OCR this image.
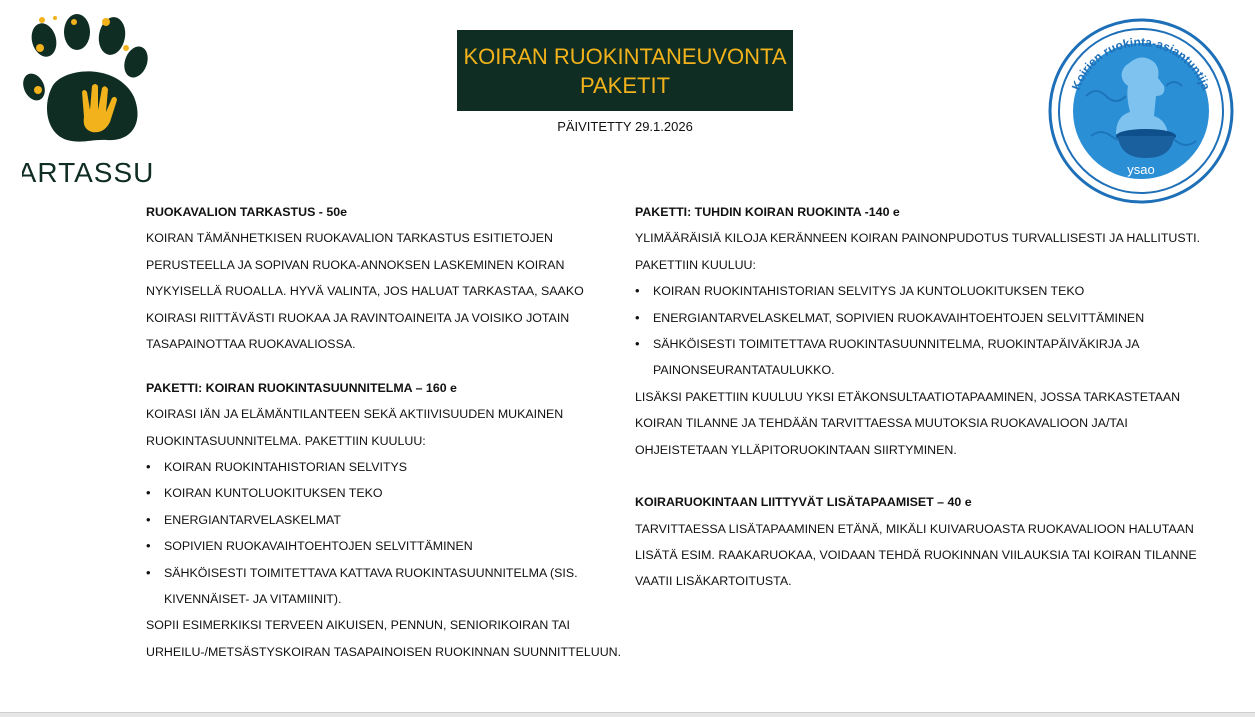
ARTASSU
KOIRAN RUOKINTANEUVONTA
PAKETIT
PÄIVITETTY 29.1.2026
ysao
Koirien ruokinta-asiantuntija
RUOKAVALION TARKASTUS - 50e
KOIRAN TÄMÄNHETKISEN RUOKAVALION TARKASTUS ESITIETOJEN
PERUSTEELLA JA SOPIVAN RUOKA-ANNOKSEN LASKEMINEN KOIRAN
NYKYISELLÄ RUOALLA. HYVÄ VALINTA, JOS HALUAT TARKASTAA, SAAKO
KOIRASI RIITTÄVÄSTI RUOKAA JA RAVINTOAINEITA JA VOISIKO JOTAIN
TASAPAINOTTAA RUOKAVALIOSSA.
PAKETTI: KOIRAN RUOKINTASUUNNITELMA – 160 e
KOIRASI IÄN JA ELÄMÄNTILANTEEN SEKÄ AKTIIVISUUDEN MUKAINEN
RUOKINTASUUNNITELMA. PAKETTIIN KUULUU:
• KOIRAN RUOKINTAHISTORIAN SELVITYS
• KOIRAN KUNTOLUOKITUKSEN TEKO
• ENERGIANTARVELASKELMAT
• SOPIVIEN RUOKAVAIHTOEHTOJEN SELVITTÄMINEN
• SÄHKÖISESTI TOIMITETTAVA KATTAVA RUOKINTASUUNNITELMA (SIS.
KIVENNÄISET- JA VITAMIINIT).
SOPII ESIMERKIKSI TERVEEN AIKUISEN, PENNUN, SENIORIKOIRAN TAI
URHEILU-/METSÄSTYSKOIRAN TASAPAINOISEN RUOKINNAN SUUNNITTELUUN.
PAKETTI: TUHDIN KOIRAN RUOKINTA -140 e
YLIMÄÄRÄISIÄ KILOJA KERÄNNEEN KOIRAN PAINONPUDOTUS TURVALLISESTI JA HALLITUSTI.
PAKETTIIN KUULUU:
• KOIRAN RUOKINTAHISTORIAN SELVITYS JA KUNTOLUOKITUKSEN TEKO
• ENERGIANTARVELASKELMAT, SOPIVIEN RUOKAVAIHTOEHTOJEN SELVITTÄMINEN
• SÄHKÖISESTI TOIMITETTAVA RUOKINTASUUNNITELMA, RUOKINTAPÄIVÄKIRJA JA
PAINONSEURANTATAULUKKO.
LISÄKSI PAKETTIIN KUULUU YKSI ETÄKONSULTAATIOTAPAAMINEN, JOSSA TARKASTETAAN
KOIRAN TILANNE JA TEHDÄÄN TARVITTAESSA MUUTOKSIA RUOKAVALIOON JA/TAI
OHJEISTETAAN YLLÄPITORUOKINTAAN SIIRTYMINEN.
KOIRARUOKINTAAN LIITTYVÄT LISÄTAPAAMISET – 40 e
TARVITTAESSA LISÄTAPAAMINEN ETÄNÄ, MIKÄLI KUIVARUOASTA RUOKAVALIOON HALUTAAN
LISÄTÄ ESIM. RAAKARUOKAA, VOIDAAN TEHDÄ RUOKINNAN VIILAUKSIA TAI KOIRAN TILANNE
VAATII LISÄKARTOITUSTA.
